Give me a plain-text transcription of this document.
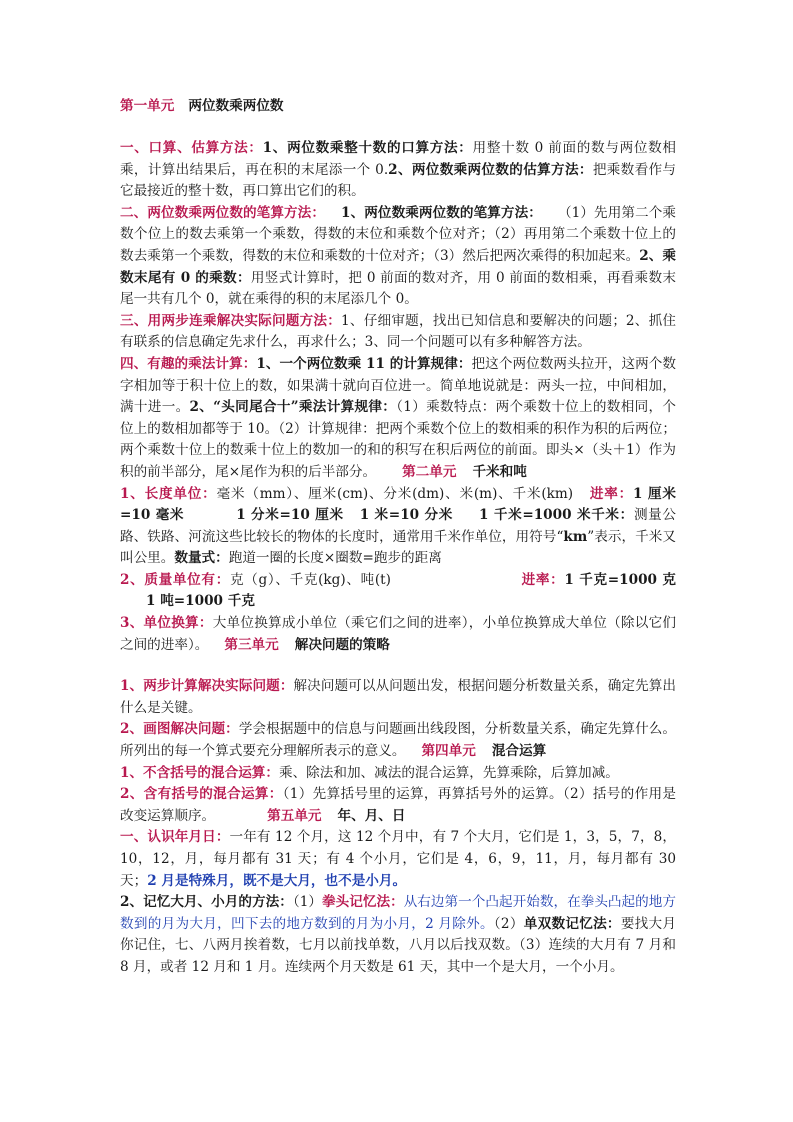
第一单元 两位数乘两位数

一、口算、估算方法：1、两位数乘整十数的口算方法：用整十数 0 前面的数与两位数相乘，计算出结果后，再在积的末尾添一个 0.2、两位数乘两位数的估算方法：把乘数看作与它最接近的整十数，再口算出它们的积。

二、两位数乘两位数的笔算方法： 1、两位数乘两位数的笔算方法： （1）先用第二个乘数个位上的数去乘第一个乘数，得数的末位和乘数个位对齐；（2）再用第二个乘数十位上的数去乘第一个乘数，得数的末位和乘数的十位对齐；（3）然后把两次乘得的积加起来。2、乘数末尾有 0 的乘数：用竖式计算时，把 0 前面的数对齐，用 0 前面的数相乘，再看乘数末尾一共有几个 0，就在乘得的积的末尾添几个 0。

三、用两步连乘解决实际问题方法：1、仔细审题，找出已知信息和要解决的问题；2、抓住有联系的信息确定先求什么，再求什么；3、同一个问题可以有多种解答方法。

四、有趣的乘法计算：1、一个两位数乘 11 的计算规律：把这个两位数两头拉开，这两个数字相加等于积十位上的数，如果满十就向百位进一。简单地说就是：两头一拉，中间相加，满十进一。2、“头同尾合十”乘法计算规律：（1）乘数特点：两个乘数十位上的数相同，个位上的数相加都等于 10。（2）计算规律：把两个乘数个位上的数相乘的积作为积的后两位；两个乘数十位上的数乘十位上的数加一的和的积写在积后两位的前面。即头×（头＋1）作为积的前半部分，尾×尾作为积的后半部分。 第二单元 千米和吨

1、长度单位：毫米（mm）、厘米(cm)、分米(dm)、米(m)、千米(km) 进率：1 厘米=10 毫米	1 分米=10 厘米 1 米=10 分米 1 千米=1000 米千米：测量公路、铁路、河流这些比较长的物体的长度时，通常用千米作单位，用符号“km”表示，千米又叫公里。数量式：跑道一圈的长度×圈数=跑步的距离

2、质量单位有：克（g）、千克(kg)、吨(t)	进率：1 千克=1000 克1 吨=1000 千克

3、单位换算：大单位换算成小单位（乘它们之间的进率），小单位换算成大单位（除以它们之间的进率）。 第三单元 解决问题的策略

1、两步计算解决实际问题：解决问题可以从问题出发，根据问题分析数量关系，确定先算出什么是关键。

2、画图解决问题：学会根据题中的信息与问题画出线段图，分析数量关系，确定先算什么。所列出的每一个算式要充分理解所表示的意义。 第四单元 混合运算

1、不含括号的混合运算：乘、除法和加、减法的混合运算，先算乘除，后算加减。

2、含有括号的混合运算：（1）先算括号里的运算，再算括号外的运算。（2）括号的作用是改变运算顺序。	第五单元 年、月、日

一、认识年月日：一年有 12 个月，这 12 个月中，有 7 个大月，它们是 1，3，5，7，8，10，12，月，每月都有 31 天；有 4 个小月，它们是 4，6，9，11，月，每月都有 30 天；2 月是特殊月，既不是大月，也不是小月。

2、记忆大月、小月的方法：（1）拳头记忆法：从右边第一个凸起开始数，在拳头凸起的地方数到的月为大月，凹下去的地方数到的月为小月，2 月除外。（2）单双数记忆法：要找大月你记住，七、八两月挨着数，七月以前找单数，八月以后找双数。（3）连续的大月有 7 月和 8 月，或者 12 月和 1 月。连续两个月天数是 61 天，其中一个是大月，一个小月。
